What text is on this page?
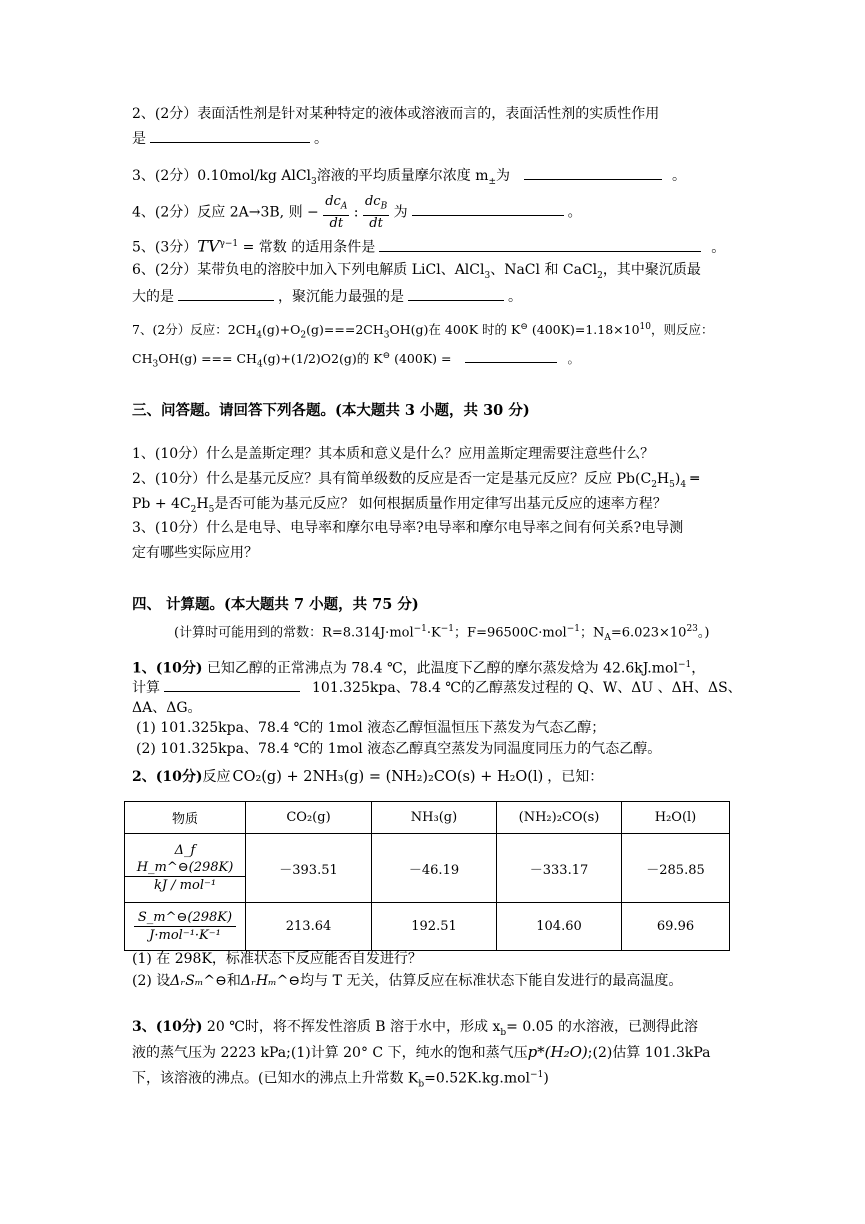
2、(2分）表面活性剂是针对某种特定的液体或溶液而言的，表面活性剂的实质性作用
是	。
3、(2分）0.10mol/kg AlCl$_3$溶液的平均质量摩尔浓度 $m_\pm$为	。
4、(2分）反应 2A→3B, 则 −
$dc_A$
dt
:
$dc_B$
dt
为	。
5、(3分）$TV^{\gamma-1}$ = 常数 的适用条件是	。
6、(2分）某带负电的溶胶中加入下列电解质 LiCl、AlCl$_3$、NaCl 和 CaCl$_2$，其中聚沉质最
大的是	，聚沉能力最强的是	。
7、(2分）反应：$2CH_4(g)+O_2(g)===2CH_3OH(g)$在 400K 时的 K⊖ $(400K)=1.18\times 10^{10}$，则反应：
$CH_3OH(g)$ === $CH_4(g)+(1/2)O2(g)$的 K⊖ (400K) =	。
三、问答题。请回答下列各题。(本大题共 3 小题，共 30 分)
1、(10分）什么是盖斯定理？其本质和意义是什么？应用盖斯定理需要注意些什么？
2、(10分）什么是基元反应？具有简单级数的反应是否一定是基元反应？反应 $Pb(C_2H_5)_4$ ═
$Pb + 4C_2H_5$是否可能为基元反应？ 如何根据质量作用定律写出基元反应的速率方程？
3、(10分）什么是电导、电导率和摩尔电导率?电导率和摩尔电导率之间有何关系?电导测
定有哪些实际应用？
四、 计算题。(本大题共 7 小题，共 75 分)
(计算时可能用到的常数：$R=8.314J\cdot mol^{-1}\cdot K^{-1}$；F=96500C·mol$^{-1}$；$N_A=6.023\times 10^{23}$。)
1、(10分) 已知乙醇的正常沸点为 78.4 ℃，此温度下乙醇的摩尔蒸发焓为 42.6kJ.mol$^{-1}$，
计算	101.325kpa、78.4 ℃的乙醇蒸发过程的 Q、W、ΔU 、ΔH、ΔS、
ΔA、ΔG。
(1) 101.325kpa、78.4 ℃的 1mol 液态乙醇恒温恒压下蒸发为气态乙醇；
(2) 101.325kpa、78.4 ℃的 1mol 液态乙醇真空蒸发为同温度同压力的气态乙醇。
2、(10分)反应 CO₂(g) + 2NH₃(g) = (NH₂)₂CO(s) + H₂O(l) ，已知：
物质	CO₂(g)	NH₃(g)	(NH₂)₂CO(s)	H₂O(l)

Δ_f H_m^⊖(298K)
kJ / mol⁻¹	－393.51	－46.19	－333.17	－285.85

S_m^⊖(298K)
J·mol⁻¹·K⁻¹	213.64	192.51	104.60	69.96
(1) 在 298K，标准状态下反应能否自发进行？
(2) 设ΔᵣSₘ^⊖和ΔᵣHₘ^⊖均与 T 无关，估算反应在标准状态下能自发进行的最高温度。
3、(10分) 20 ℃时，将不挥发性溶质 B 溶于水中，形成 $x_b= 0.05$ 的水溶液，已测得此溶
液的蒸气压为 2223 kPa;(1)计算 20° C 下，纯水的饱和蒸气压p*(H₂O);(2)估算 101.3kPa
下，该溶液的沸点。(已知水的沸点上升常数 $K_b=0.52K.kg.mol^{-1}$)
